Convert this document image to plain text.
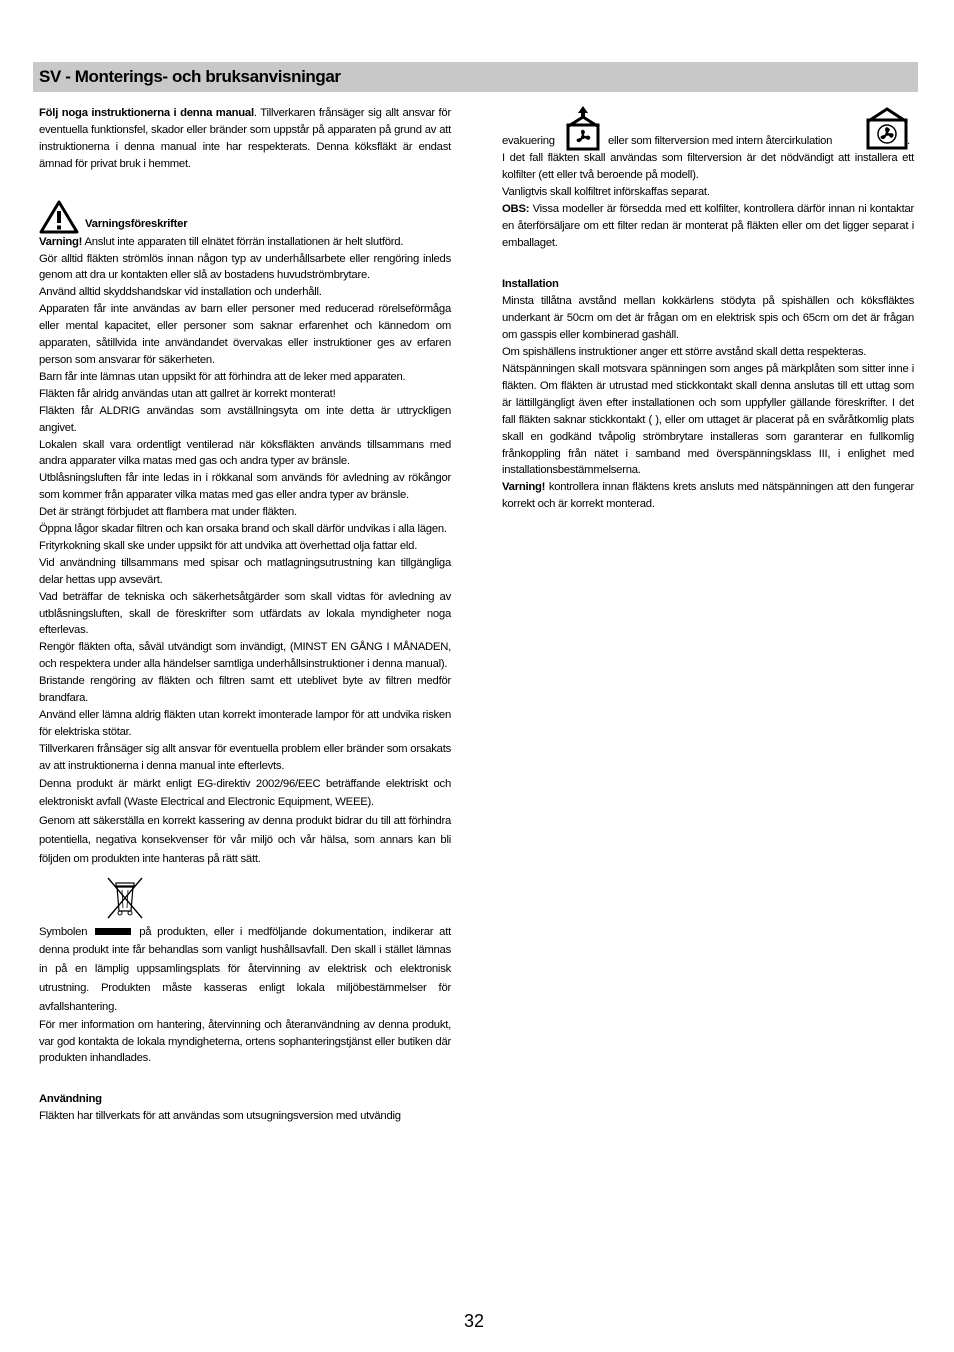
SV - Monterings- och bruksanvisningar

Följ noga instruktionerna i denna manual. Tillverkaren frånsäger sig allt ansvar för eventuella funktionsfel, skador eller bränder som uppstår på apparaten på grund av att instruktionerna i denna manual inte har respekterats. Denna köksfläkt är endast ämnad för privat bruk i hemmet.

Varningsföreskrifter

Varning! Anslut inte apparaten till elnätet förrän installationen är helt slutförd.

Gör alltid fläkten strömlös innan någon typ av underhållsarbete eller rengöring inleds genom att dra ur kontakten eller slå av bostadens huvudströmbrytare.

Använd alltid skyddshandskar vid installation och underhåll.

Apparaten får inte användas av barn eller personer med reducerad rörelseförmåga eller mental kapacitet, eller personer som saknar erfarenhet och kännedom om apparaten, såtillvida inte användandet övervakas eller instruktioner ges av erfaren person som ansvarar för säkerheten.

Barn får inte lämnas utan uppsikt för att förhindra att de leker med apparaten.

Fläkten får alridg användas utan att gallret är korrekt monterat!

Fläkten får ALDRIG användas som avställningsyta om inte detta är uttryckligen angivet.

Lokalen skall vara ordentligt ventilerad när köksfläkten används tillsammans med andra apparater vilka matas med gas och andra typer av bränsle.

Utblåsningsluften får inte ledas in i rökkanal som används för avledning av rökångor som kommer från apparater vilka matas med gas eller andra typer av bränsle.

Det är strängt förbjudet att flambera mat under fläkten.

Öppna lågor skadar filtren och kan orsaka brand och skall därför undvikas i alla lägen.

Frityrkokning skall ske under uppsikt för att undvika att överhettad olja fattar eld.

Vid användning tillsammans med spisar och matlagningsutrustning kan tillgängliga delar hettas upp avsevärt.

Vad beträffar de tekniska och säkerhetsåtgärder som skall vidtas för avledning av utblåsningsluften, skall de föreskrifter som utfärdats av lokala myndigheter noga efterlevas.

Rengör fläkten ofta, såväl utvändigt som invändigt, (MINST EN GÅNG I MÅNADEN, och respektera under alla händelser samtliga underhållsinstruktioner i denna manual).

Bristande rengöring av fläkten och filtren samt ett uteblivet byte av filtren medför brandfara.

Använd eller lämna aldrig fläkten utan korrekt imonterade lampor för att undvika risken för elektriska stötar.

Tillverkaren frånsäger sig allt ansvar för eventuella problem eller bränder som orsakats av att instruktionerna i denna manual inte efterlevts.

Denna produkt är märkt enligt EG-direktiv 2002/96/EEC beträffande elektriskt och elektroniskt avfall (Waste Electrical and Electronic Equipment, WEEE).

Genom att säkerställa en korrekt kassering av denna produkt bidrar du till att förhindra potentiella, negativa konsekvenser för vår miljö och vår hälsa, som annars kan bli följden om produkten inte hanteras på rätt sätt.

Symbolen	på produkten, eller i medföljande dokumentation, indikerar att denna produkt inte får behandlas som vanligt hushållsavfall. Den skall i stället lämnas in på en lämplig uppsamlingsplats för återvinning av elektrisk och elektronisk utrustning. Produkten måste kasseras enligt lokala miljöbestämmelser för avfallshantering.

För mer information om hantering, återvinning och återanvändning av denna produkt, var god kontakta de lokala myndigheterna, ortens sophanteringstjänst eller butiken där produkten inhandlades.

Användning

Fläkten har tillverkats för att användas som utsugningsversion med utvändig

evakuering	eller som filterversion med intern återcirkulation	.

I det fall fläkten skall användas som filterversion är det nödvändigt att installera ett kolfilter (ett eller två beroende på modell).

Vanligtvis skall kolfiltret införskaffas separat.

OBS: Vissa modeller är försedda med ett kolfilter, kontrollera därför innan ni kontaktar en återförsäljare om ett filter redan är monterat på fläkten eller om det ligger separat i emballaget.

Installation

Minsta tillåtna avstånd mellan kokkärlens stödyta på spishällen och köksfläktes underkant är 50cm om det är frågan om en elektrisk spis och 65cm om det är frågan om gasspis eller kombinerad gashäll.

Om spishällens instruktioner anger ett större avstånd skall detta respekteras.

Nätspänningen skall motsvara spänningen som anges på märkplåten som sitter inne i fläkten. Om fläkten är utrustad med stickkontakt skall denna anslutas till ett uttag som är lättillgängligt även efter installationen och som uppfyller gällande föreskrifter. I det fall fläkten saknar stickkontakt ( ), eller om uttaget är placerat på en svåråtkomlig plats skall en godkänd tvåpolig strömbrytare installeras som garanterar en fullkomlig frånkoppling från nätet i samband med överspänningsklass III, i enlighet med installationsbestämmelserna.

Varning! kontrollera innan fläktens krets ansluts med nätspänningen att den fungerar korrekt och är korrekt monterad.

32
